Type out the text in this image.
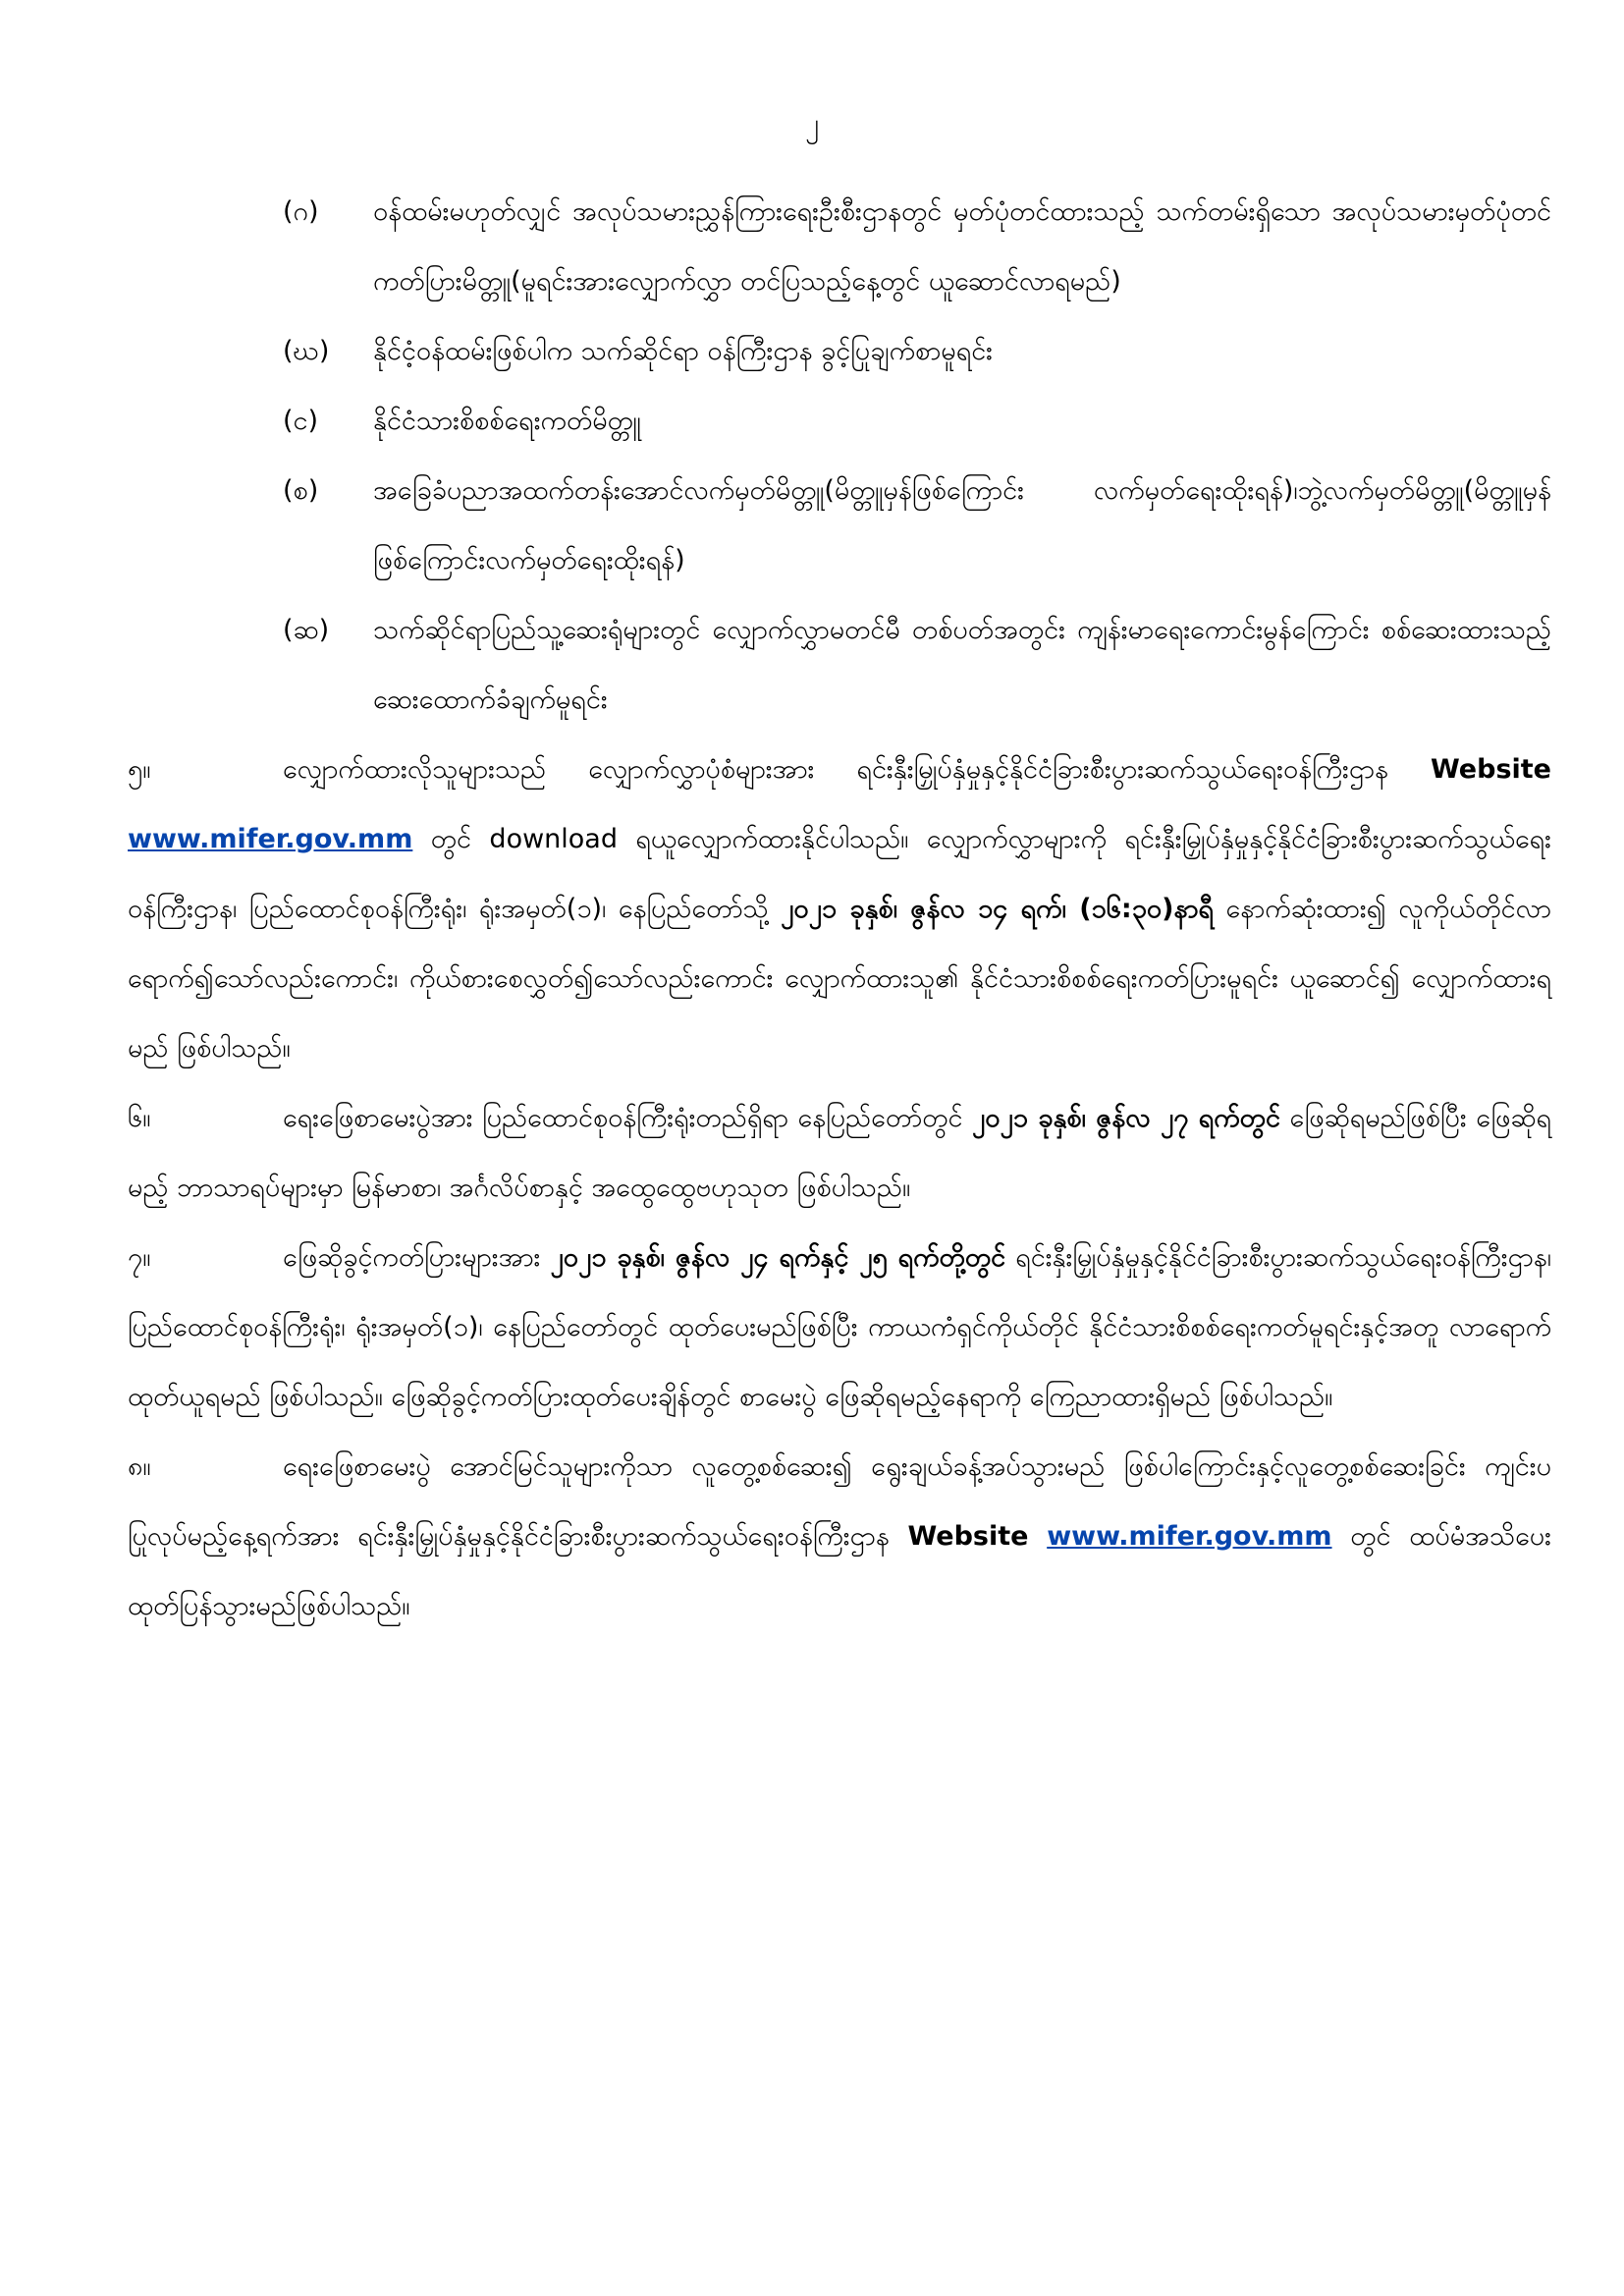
၂
(ဂ)	ဝန်ထမ်းမဟုတ်လျှင် အလုပ်သမားညွှန်ကြားရေးဦးစီးဌာနတွင် မှတ်ပုံတင်ထားသည့် သက်တမ်းရှိသော အလုပ်သမားမှတ်ပုံတင်ကတ်ပြားမိတ္တူ(မူရင်းအားလျှောက်လွှာ တင်ပြသည့်နေ့တွင် ယူဆောင်လာရမည်)
(ဃ)	နိုင်ငံ့ဝန်ထမ်းဖြစ်ပါက သက်ဆိုင်ရာ ဝန်ကြီးဌာန ခွင့်ပြုချက်စာမူရင်း
(င)	နိုင်ငံသားစိစစ်ရေးကတ်မိတ္တူ
(စ)	အခြေခံပညာအထက်တန်းအောင်လက်မှတ်မိတ္တူ(မိတ္တူမှန်ဖြစ်ကြောင်း လက်မှတ်ရေးထိုးရန်)၊ဘွဲ့လက်မှတ်မိတ္တူ(မိတ္တူမှန်ဖြစ်ကြောင်းလက်မှတ်ရေးထိုးရန်)
(ဆ)	သက်ဆိုင်ရာပြည်သူ့ဆေးရုံများတွင် လျှောက်လွှာမတင်မီ တစ်ပတ်အတွင်း ကျန်းမာရေးကောင်းမွန်ကြောင်း စစ်ဆေးထားသည့် ဆေးထောက်ခံချက်မူရင်း
၅။	လျှောက်ထားလိုသူများသည် လျှောက်လွှာပုံစံများအား ရင်းနှီးမြှုပ်နှံမှုနှင့်နိုင်ငံခြားစီးပွားဆက်သွယ်ရေးဝန်ကြီးဌာန Website www.mifer.gov.mm တွင် download ရယူလျှောက်ထားနိုင်ပါသည်။ လျှောက်လွှာများကို ရင်းနှီးမြှုပ်နှံမှုနှင့်နိုင်ငံခြားစီးပွားဆက်သွယ်ရေးဝန်ကြီးဌာန၊ ပြည်ထောင်စုဝန်ကြီးရုံး၊ ရုံးအမှတ်(၁)၊ နေပြည်တော်သို့ ၂၀၂၁ ခုနှစ်၊ ဇွန်လ ၁၄ ရက်၊ (၁၆:၃၀)နာရီ နောက်ဆုံးထား၍ လူကိုယ်တိုင်လာရောက်၍သော်လည်းကောင်း၊ ကိုယ်စားစေလွှတ်၍သော်လည်းကောင်း လျှောက်ထားသူ၏ နိုင်ငံသားစိစစ်ရေးကတ်ပြားမူရင်း ယူဆောင်၍ လျှောက်ထားရမည် ဖြစ်ပါသည်။
၆။	ရေးဖြေစာမေးပွဲအား ပြည်ထောင်စုဝန်ကြီးရုံးတည်ရှိရာ နေပြည်တော်တွင် ၂၀၂၁ ခုနှစ်၊ ဇွန်လ ၂၇ ရက်တွင် ဖြေဆိုရမည်ဖြစ်ပြီး ဖြေဆိုရမည့် ဘာသာရပ်များမှာ မြန်မာစာ၊ အင်္ဂလိပ်စာနှင့် အထွေထွေဗဟုသုတ ဖြစ်ပါသည်။
၇။	ဖြေဆိုခွင့်ကတ်ပြားများအား ၂၀၂၁ ခုနှစ်၊ ဇွန်လ ၂၄ ရက်နှင့် ၂၅ ရက်တို့တွင် ရင်းနှီးမြှုပ်နှံမှုနှင့်နိုင်ငံခြားစီးပွားဆက်သွယ်ရေးဝန်ကြီးဌာန၊ ပြည်ထောင်စုဝန်ကြီးရုံး၊ ရုံးအမှတ်(၁)၊ နေပြည်တော်တွင် ထုတ်ပေးမည်ဖြစ်ပြီး ကာယကံရှင်ကိုယ်တိုင် နိုင်ငံသားစိစစ်ရေးကတ်မူရင်းနှင့်အတူ လာရောက်ထုတ်ယူရမည် ဖြစ်ပါသည်။ ဖြေဆိုခွင့်ကတ်ပြားထုတ်ပေးချိန်တွင် စာမေးပွဲ ဖြေဆိုရမည့်နေရာကို ကြေညာထားရှိမည် ဖြစ်ပါသည်။
၈။	ရေးဖြေစာမေးပွဲ အောင်မြင်သူများကိုသာ လူတွေ့စစ်ဆေး၍ ရွေးချယ်ခန့်အပ်သွားမည် ဖြစ်ပါကြောင်းနှင့်လူတွေ့စစ်ဆေးခြင်း ကျင်းပပြုလုပ်မည့်နေ့ရက်အား ရင်းနှီးမြှုပ်နှံမှုနှင့်နိုင်ငံခြားစီးပွားဆက်သွယ်ရေးဝန်ကြီးဌာန Website www.mifer.gov.mm တွင် ထပ်မံအသိပေးထုတ်ပြန်သွားမည်ဖြစ်ပါသည်။
